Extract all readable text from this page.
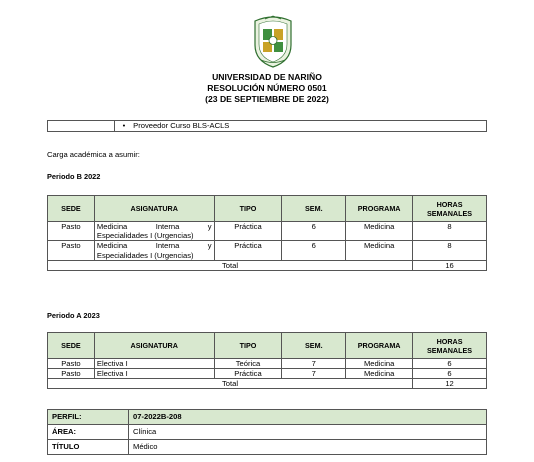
UNIVERSIDAD DE NARIÑO
RESOLUCIÓN NÚMERO 0501
(23 DE SEPTIEMBRE DE 2022)
	• Proveedor Curso BLS-ACLS
Carga académica a asumir:
Periodo B 2022
SEDE	ASIGNATURA	TIPO	SEM.	PROGRAMA	HORAS SEMANALES
Pasto	Medicina Interna y Especialidades I (Urgencias)	Práctica	6	Medicina	8
Pasto	Medicina Interna y Especialidades I (Urgencias)	Práctica	6	Medicina	8
Total					16
Periodo A 2023
SEDE	ASIGNATURA	TIPO	SEM.	PROGRAMA	HORAS SEMANALES
Pasto	Electiva I	Teórica	7	Medicina	6
Pasto	Electiva I	Práctica	7	Medicina	6
Total					12
PERFIL:	07-2022B-208
ÁREA:	Clínica
TÍTULO	Médico
